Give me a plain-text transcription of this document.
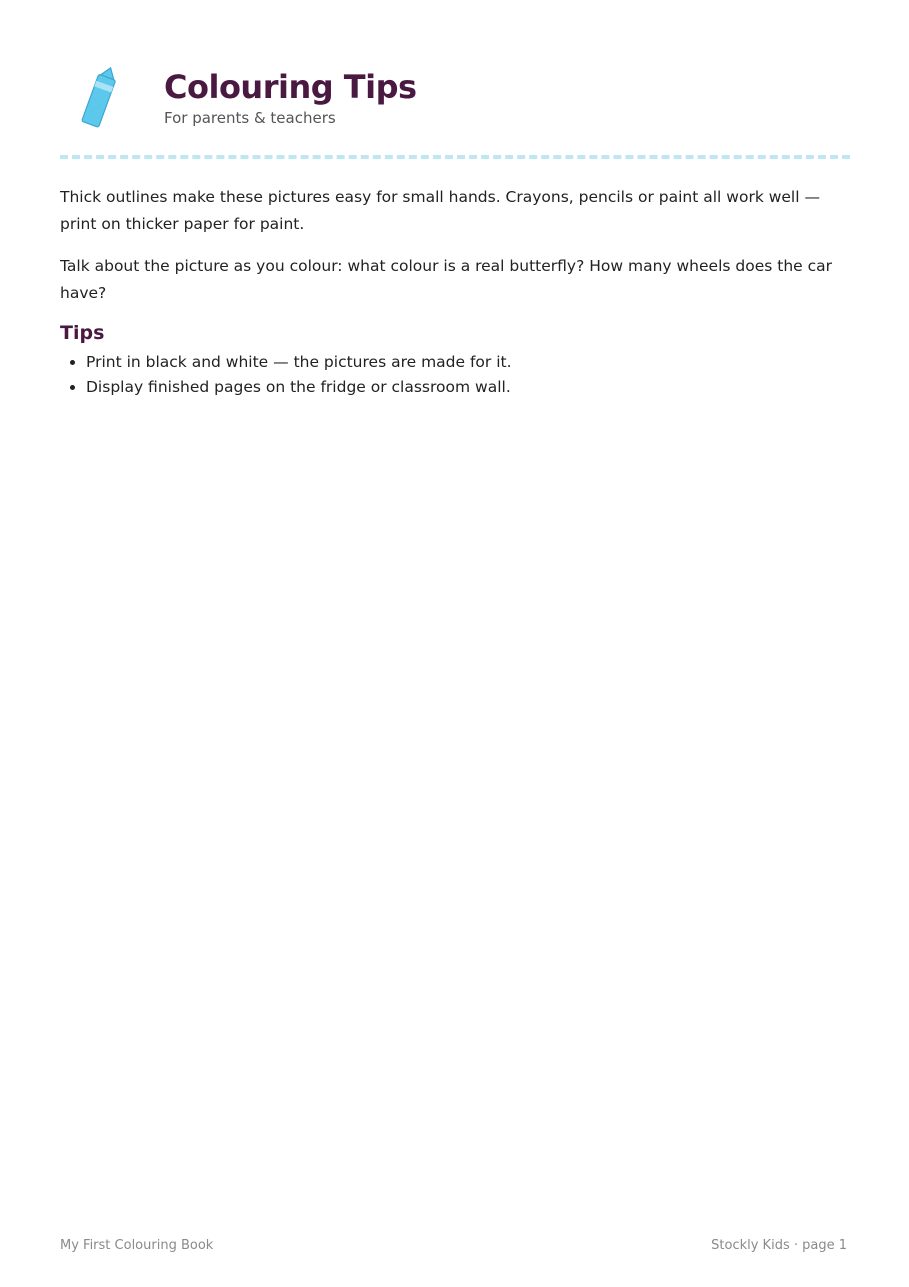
Colouring Tips
For parents & teachers

Thick outlines make these pictures easy for small hands. Crayons, pencils or paint all work well — print on thicker paper for paint.

Talk about the picture as you colour: what colour is a real butterfly? How many wheels does the car have?

Tips
• Print in black and white — the pictures are made for it.
• Display finished pages on the fridge or classroom wall.
My First Colouring Book	Stockly Kids · page 1
